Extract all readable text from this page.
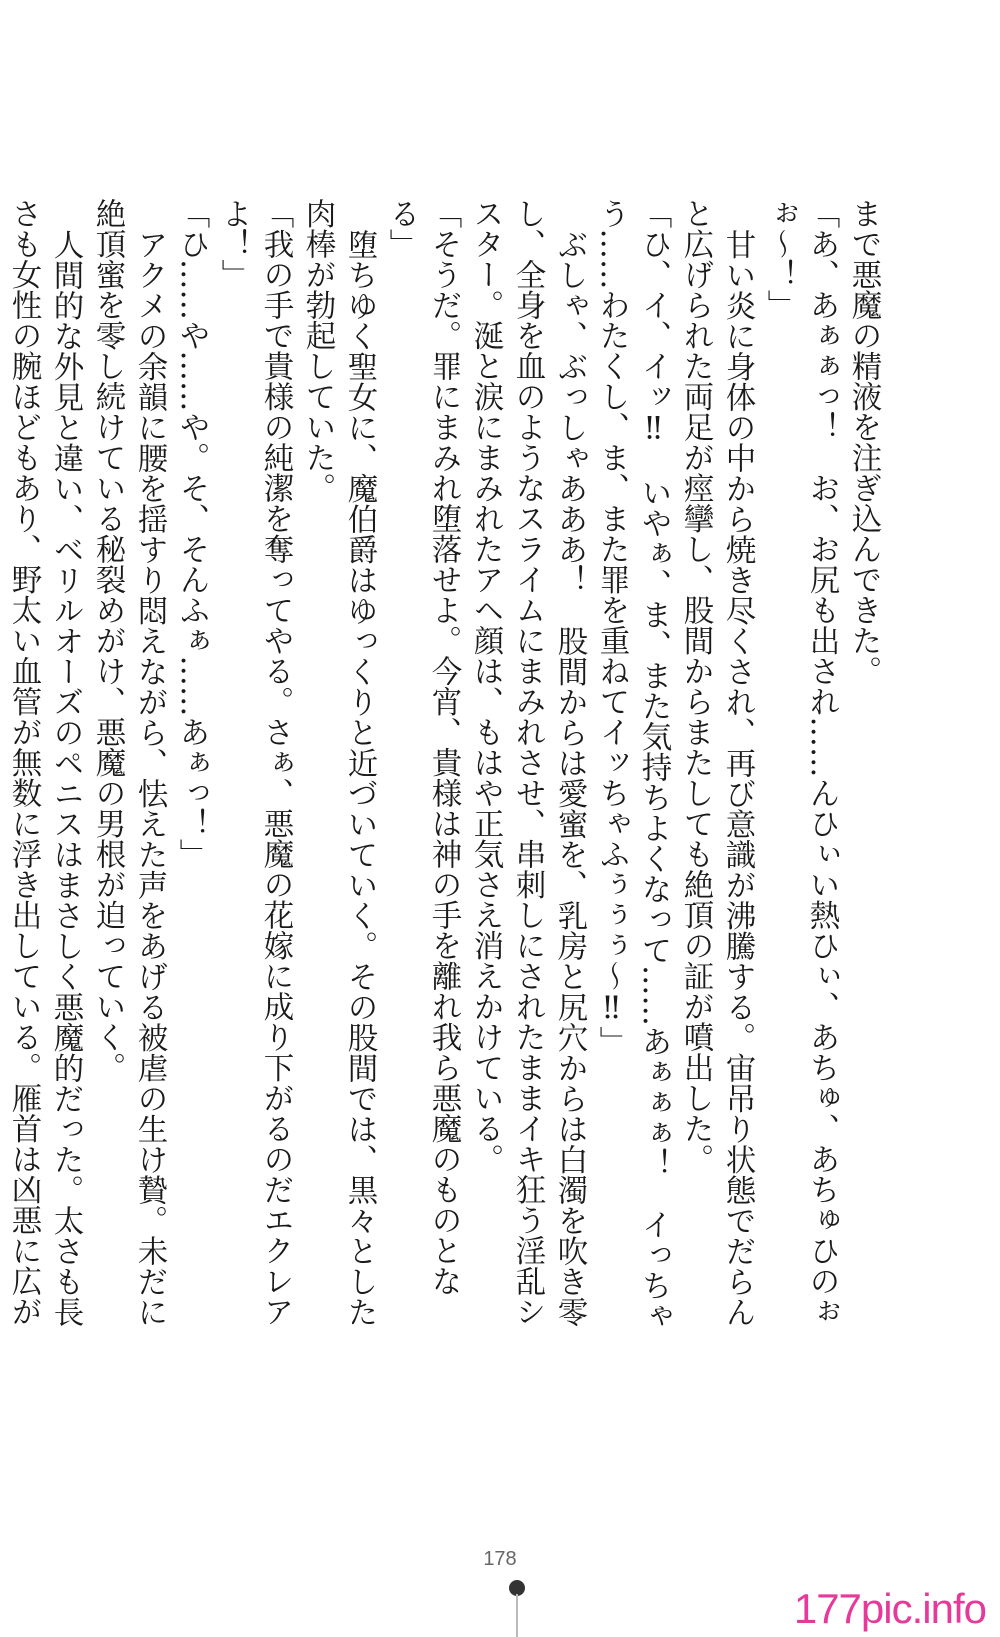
まで悪魔の精液を注ぎ込んできた。

「あ、あぁぁっ！　お、お尻も出され……んひぃい熱ひぃ、あちゅ、あちゅひのぉぉ〜！」

甘い炎に身体の中から焼き尽くされ、再び意識が沸騰する。宙吊り状態でだらんと広げられた両足が痙攣し、股間からまたしても絶頂の証が噴出した。

「ひ、イ、イッ‼　いやぁ、ま、また気持ちよくなって……あぁぁぁ！　イっちゃう……わたくし、ま、また罪を重ねてイッちゃふぅぅぅ〜‼」

ぶしゃ、ぶっしゃあああ！　股間からは愛蜜を、乳房と尻穴からは白濁を吹き零し、全身を血のようなスライムにまみれさせ、串刺しにされたままイキ狂う淫乱シスター。涎と涙にまみれたアヘ顔は、もはや正気さえ消えかけている。

「そうだ。罪にまみれ堕落せよ。今宵、貴様は神の手を離れ我ら悪魔のものとなる」

堕ちゆく聖女に、魔伯爵はゆっくりと近づいていく。その股間では、黒々とした肉棒が勃起していた。

「我の手で貴様の純潔を奪ってやる。さぁ、悪魔の花嫁に成り下がるのだエクレアよ！」

「ひ……や……や。そ、そんふぁ……あぁっ！」

アクメの余韻に腰を揺すり悶えながら、怯えた声をあげる被虐の生け贄。未だに絶頂蜜を零し続けている秘裂めがけ、悪魔の男根が迫っていく。

人間的な外見と違い、ベリルオーズのペニスはまさしく悪魔的だった。太さも長さも女性の腕ほどもあり、野太い血管が無数に浮き出している。雁首は凶悪に広が

178
177pic.info
